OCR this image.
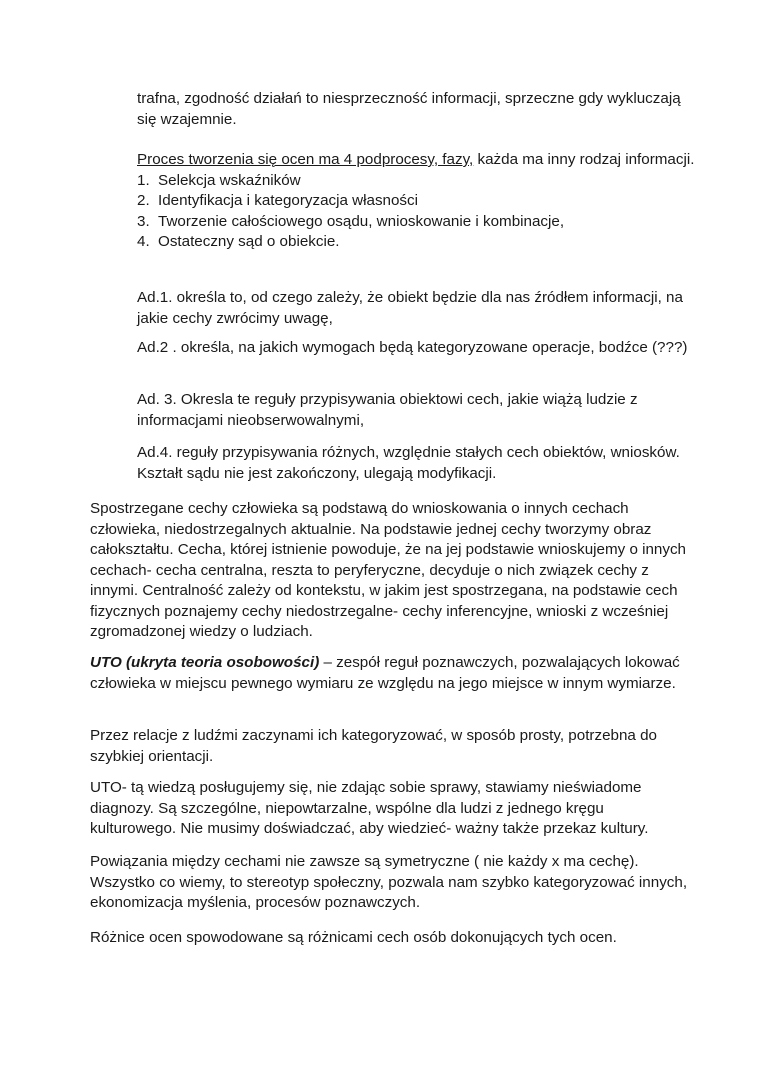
trafna, zgodność działań to niesprzeczność informacji, sprzeczne gdy wykluczają się wzajemnie.

Proces tworzenia się ocen ma 4 podprocesy, fazy, każda ma inny rodzaj informacji.

1. Selekcja wskaźników
2. Identyfikacja i kategoryzacja własności
3. Tworzenie całościowego osądu, wnioskowanie i kombinacje,
4. Ostateczny sąd o obiekcie.

Ad.1. określa to, od czego zależy, że obiekt będzie dla nas źródłem informacji, na jakie cechy zwrócimy uwagę,

Ad.2 . określa, na jakich wymogach będą kategoryzowane operacje, bodźce (???)

Ad. 3. Okresla te reguły przypisywania obiektowi cech, jakie wiążą ludzie z informacjami nieobserwowalnymi,

Ad.4. reguły przypisywania różnych, względnie stałych cech obiektów, wniosków. Kształt sądu nie jest zakończony, ulegają modyfikacji.

Spostrzegane cechy człowieka są podstawą do wnioskowania o innych cechach człowieka, niedostrzegalnych aktualnie. Na podstawie jednej cechy tworzymy obraz całokształtu. Cecha, której istnienie powoduje, że na jej podstawie wnioskujemy o innych cechach- cecha centralna, reszta to peryferyczne, decyduje o nich związek cechy z innymi. Centralność zależy od kontekstu, w jakim jest spostrzegana, na podstawie cech fizycznych poznajemy cechy niedostrzegalne- cechy inferencyjne, wnioski z wcześniej zgromadzonej wiedzy o ludziach.

UTO (ukryta teoria osobowości) – zespół reguł poznawczych, pozwalających lokować człowieka w miejscu pewnego wymiaru ze względu na jego miejsce w innym wymiarze.

Przez relacje z ludźmi zaczynami ich kategoryzować, w sposób prosty, potrzebna do szybkiej orientacji.

UTO- tą wiedzą posługujemy się, nie zdając sobie sprawy, stawiamy nieświadome diagnozy. Są szczególne, niepowtarzalne, wspólne dla ludzi z jednego kręgu kulturowego. Nie musimy doświadczać, aby wiedzieć- ważny także przekaz kultury.

Powiązania między cechami nie zawsze są symetryczne ( nie każdy x ma cechę). Wszystko co wiemy, to stereotyp społeczny, pozwala nam szybko kategoryzować innych, ekonomizacja myślenia, procesów poznawczych.

Różnice ocen spowodowane są różnicami cech osób dokonujących tych ocen.
